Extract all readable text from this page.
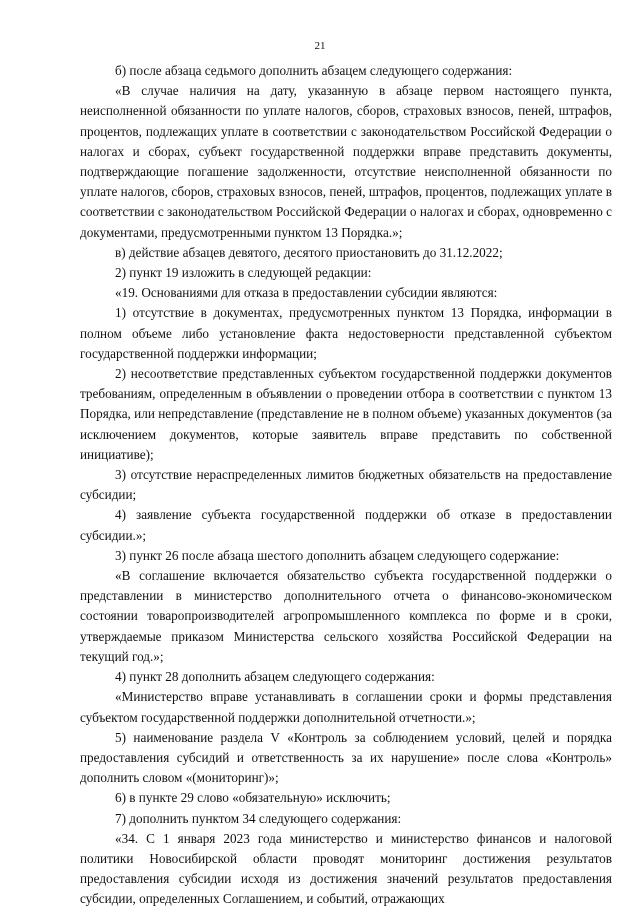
21

б) после абзаца седьмого дополнить абзацем следующего содержания:

«В случае наличия на дату, указанную в абзаце первом настоящего пункта, неисполненной обязанности по уплате налогов, сборов, страховых взносов, пеней, штрафов, процентов, подлежащих уплате в соответствии с законодательством Российской Федерации о налогах и сборах, субъект государственной поддержки вправе представить документы, подтверждающие погашение задолженности, отсутствие неисполненной обязанности по уплате налогов, сборов, страховых взносов, пеней, штрафов, процентов, подлежащих уплате в соответствии с законодательством Российской Федерации о налогах и сборах, одновременно с документами, предусмотренными пунктом 13 Порядка.»;

в) действие абзацев девятого, десятого приостановить до 31.12.2022;

2) пункт 19 изложить в следующей редакции:

«19. Основаниями для отказа в предоставлении субсидии являются:

1) отсутствие в документах, предусмотренных пунктом 13 Порядка, информации в полном объеме либо установление факта недостоверности представленной субъектом государственной поддержки информации;

2) несоответствие представленных субъектом государственной поддержки документов требованиям, определенным в объявлении о проведении отбора в соответствии с пунктом 13 Порядка, или непредставление (представление не в полном объеме) указанных документов (за исключением документов, которые заявитель вправе представить по собственной инициативе);

3) отсутствие нераспределенных лимитов бюджетных обязательств на предоставление субсидии;

4) заявление субъекта государственной поддержки об отказе в предоставлении субсидии.»;

3) пункт 26 после абзаца шестого дополнить абзацем следующего содержание:

«В соглашение включается обязательство субъекта государственной поддержки о представлении в министерство дополнительного отчета о финансово-экономическом состоянии товаропроизводителей агропромышленного комплекса по форме и в сроки, утверждаемые приказом Министерства сельского хозяйства Российской Федерации на текущий год.»;

4) пункт 28 дополнить абзацем следующего содержания:

«Министерство вправе устанавливать в соглашении сроки и формы представления субъектом государственной поддержки дополнительной отчетности.»;

5) наименование раздела V «Контроль за соблюдением условий, целей и порядка предоставления субсидий и ответственность за их нарушение» после слова «Контроль» дополнить словом «(мониторинг)»;

6) в пункте 29 слово «обязательную» исключить;

7) дополнить пунктом 34 следующего содержания:

«34. С 1 января 2023 года министерство и министерство финансов и налоговой политики Новосибирской области проводят мониторинг достижения результатов предоставления субсидии исходя из достижения значений результатов предоставления субсидии, определенных Соглашением, и событий, отражающих
